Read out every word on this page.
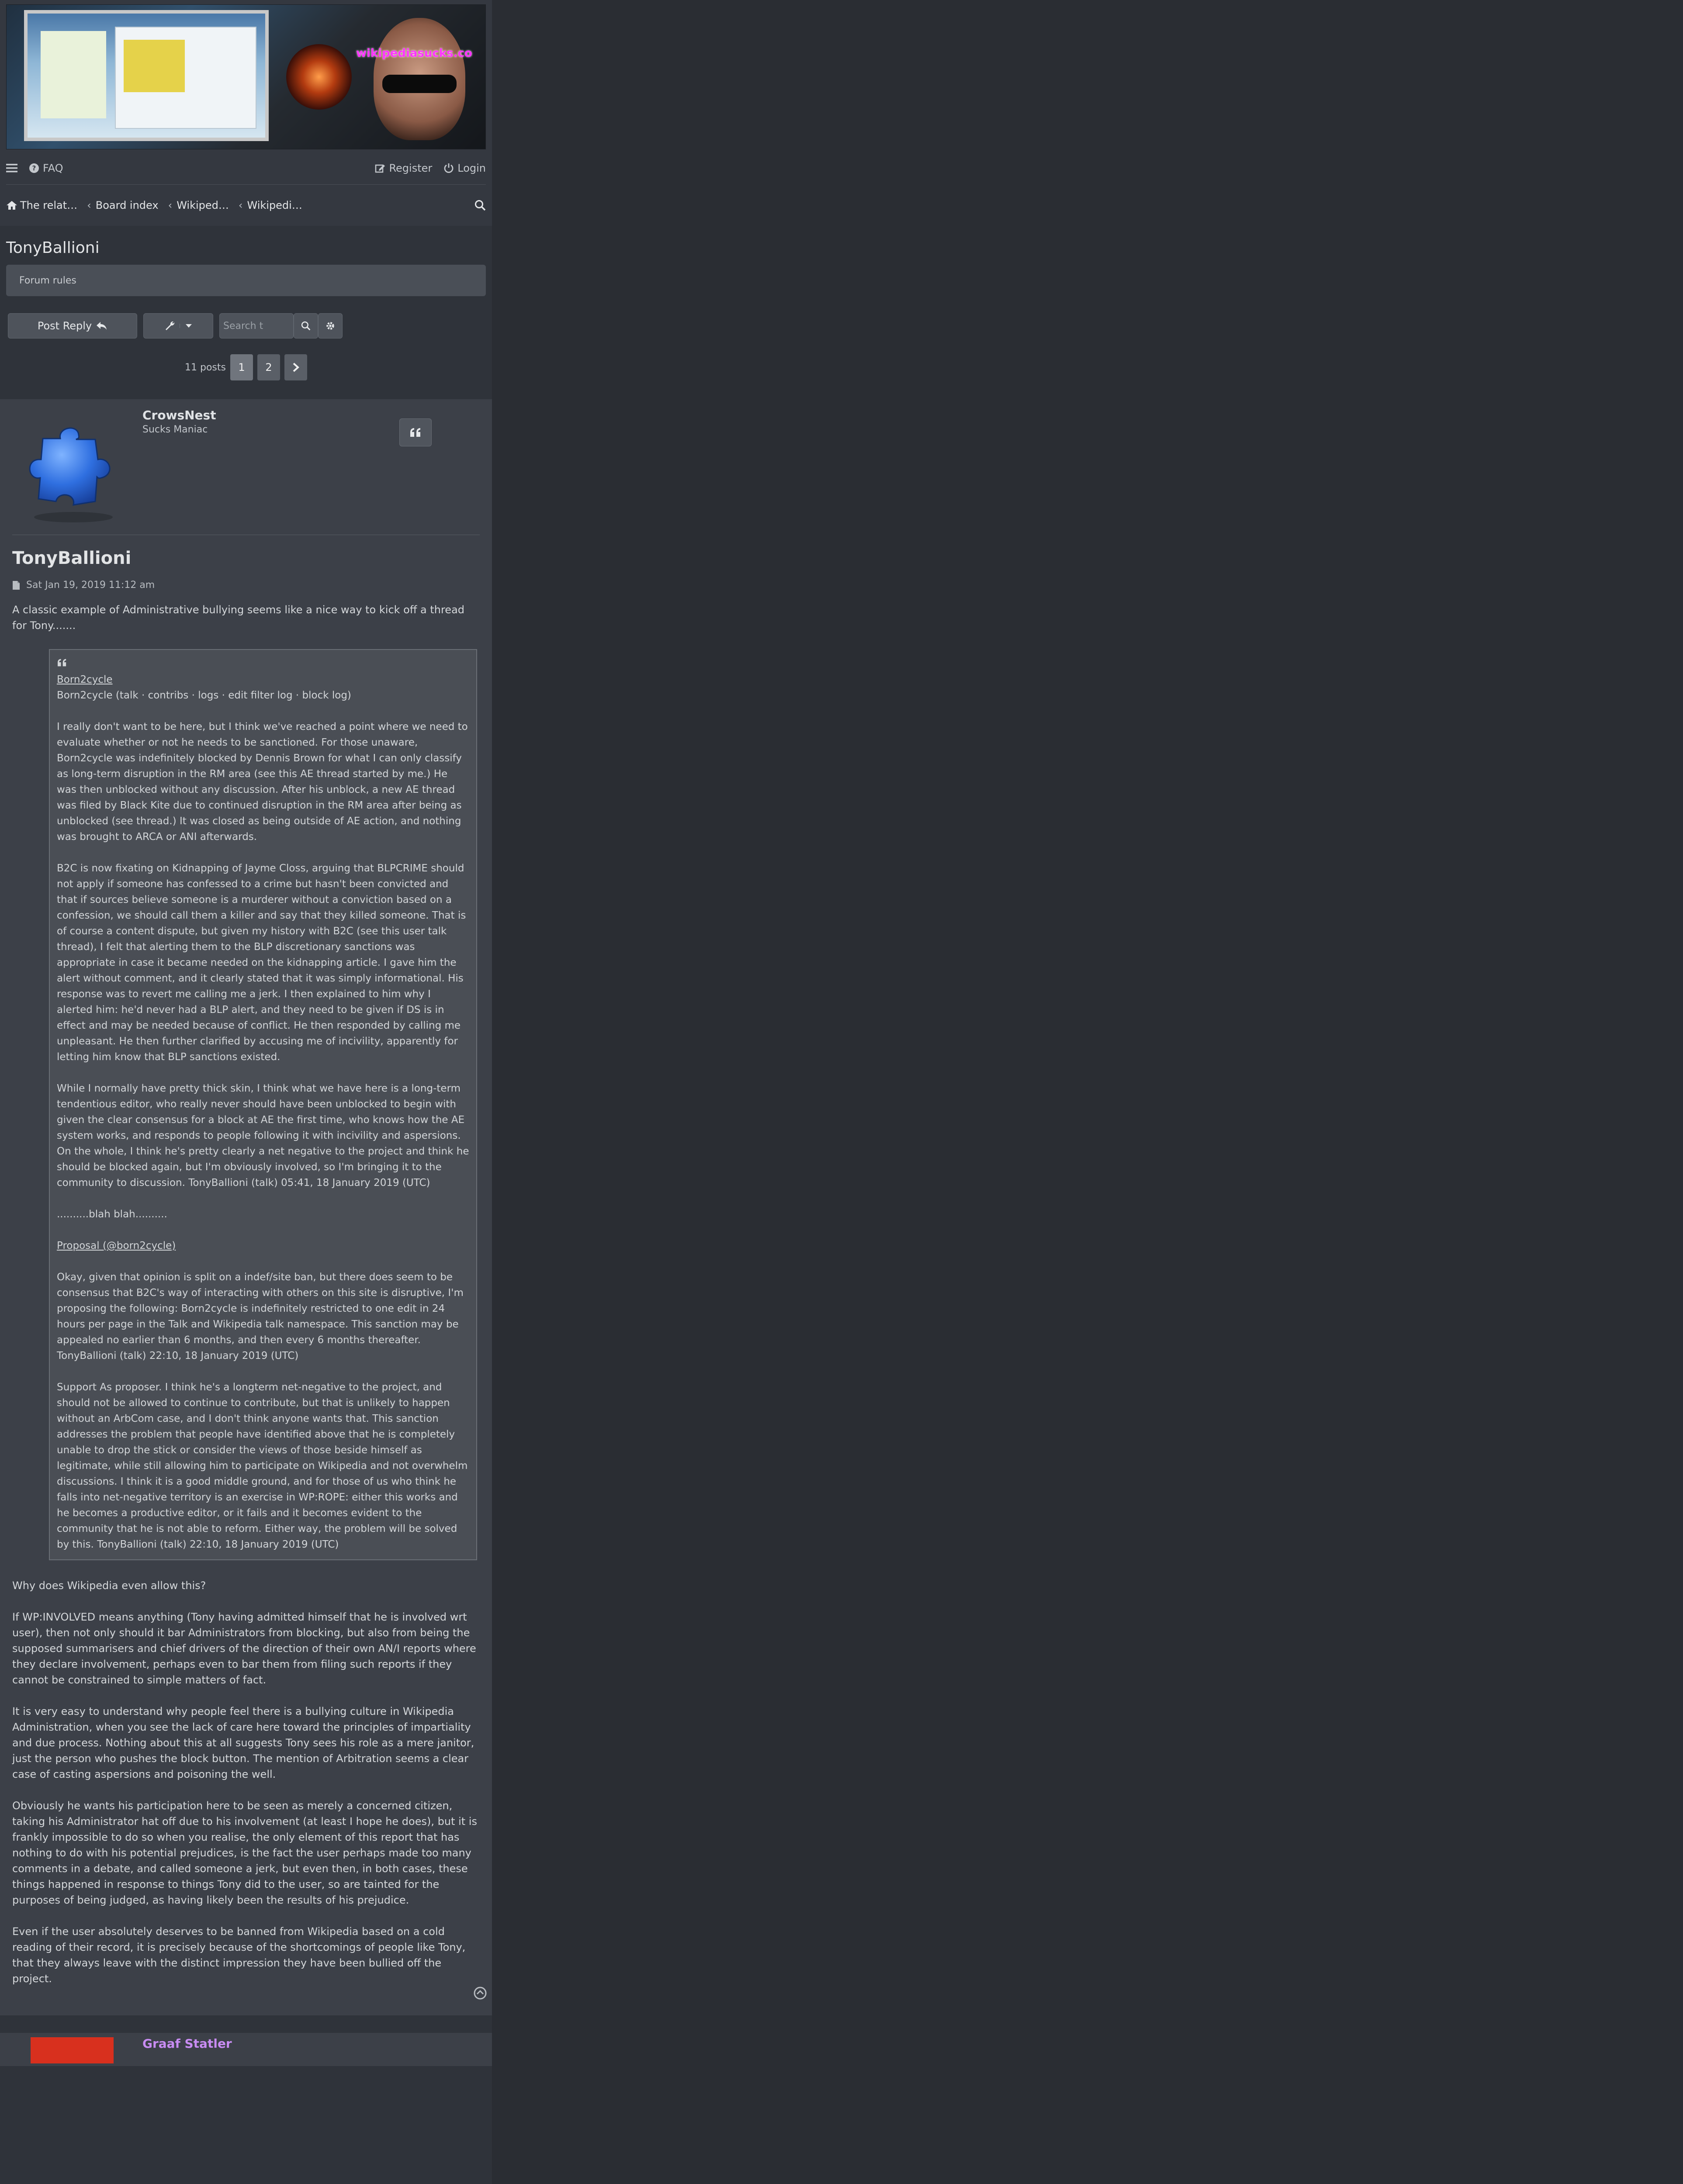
wikipediasucks.co
? FAQ	Register Login
The relat… ‹ Board index ‹ Wikiped… ‹ Wikipedi…
TonyBallioni
Forum rules
Post Reply	Search t
11 posts	1	2
CrowsNest
Sucks Maniac
TonyBallioni
Sat Jan 19, 2019 11:12 am
A classic example of Administrative bullying seems like a nice way to kick off a thread for Tony.......
Born2cycle

Born2cycle (talk · contribs · logs · edit filter log · block log)

I really don't want to be here, but I think we've reached a point where we need to evaluate whether or not he needs to be sanctioned. For those unaware, Born2cycle was indefinitely blocked by Dennis Brown for what I can only classify as long-term disruption in the RM area (see this AE thread started by me.) He was then unblocked without any discussion. After his unblock, a new AE thread was filed by Black Kite due to continued disruption in the RM area after being as unblocked (see thread.) It was closed as being outside of AE action, and nothing was brought to ARCA or ANI afterwards.

B2C is now fixating on Kidnapping of Jayme Closs, arguing that BLPCRIME should not apply if someone has confessed to a crime but hasn't been convicted and that if sources believe someone is a murderer without a conviction based on a confession, we should call them a killer and say that they killed someone. That is of course a content dispute, but given my history with B2C (see this user talk thread), I felt that alerting them to the BLP discretionary sanctions was appropriate in case it became needed on the kidnapping article. I gave him the alert without comment, and it clearly stated that it was simply informational. His response was to revert me calling me a jerk. I then explained to him why I alerted him: he'd never had a BLP alert, and they need to be given if DS is in effect and may be needed because of conflict. He then responded by calling me unpleasant. He then further clarified by accusing me of incivility, apparently for letting him know that BLP sanctions existed.

While I normally have pretty thick skin, I think what we have here is a long-term tendentious editor, who really never should have been unblocked to begin with given the clear consensus for a block at AE the first time, who knows how the AE system works, and responds to people following it with incivility and aspersions. On the whole, I think he's pretty clearly a net negative to the project and think he should be blocked again, but I'm obviously involved, so I'm bringing it to the community to discussion. TonyBallioni (talk) 05:41, 18 January 2019 (UTC)

..........blah blah..........

Proposal (@born2cycle)

Okay, given that opinion is split on a indef/site ban, but there does seem to be consensus that B2C's way of interacting with others on this site is disruptive, I'm proposing the following: Born2cycle is indefinitely restricted to one edit in 24 hours per page in the Talk and Wikipedia talk namespace. This sanction may be appealed no earlier than 6 months, and then every 6 months thereafter. TonyBallioni (talk) 22:10, 18 January 2019 (UTC)

Support As proposer. I think he's a longterm net-negative to the project, and should not be allowed to continue to contribute, but that is unlikely to happen without an ArbCom case, and I don't think anyone wants that. This sanction addresses the problem that people have identified above that he is completely unable to drop the stick or consider the views of those beside himself as legitimate, while still allowing him to participate on Wikipedia and not overwhelm discussions. I think it is a good middle ground, and for those of us who think he falls into net-negative territory is an exercise in WP:ROPE: either this works and he becomes a productive editor, or it fails and it becomes evident to the community that he is not able to reform. Either way, the problem will be solved by this. TonyBallioni (talk) 22:10, 18 January 2019 (UTC)

Why does Wikipedia even allow this?

If WP:INVOLVED means anything (Tony having admitted himself that he is involved wrt user), then not only should it bar Administrators from blocking, but also from being the supposed summarisers and chief drivers of the direction of their own AN/I reports where they declare involvement, perhaps even to bar them from filing such reports if they cannot be constrained to simple matters of fact.

It is very easy to understand why people feel there is a bullying culture in Wikipedia Administration, when you see the lack of care here toward the principles of impartiality and due process. Nothing about this at all suggests Tony sees his role as a mere janitor, just the person who pushes the block button. The mention of Arbitration seems a clear case of casting aspersions and poisoning the well.

Obviously he wants his participation here to be seen as merely a concerned citizen, taking his Administrator hat off due to his involvement (at least I hope he does), but it is frankly impossible to do so when you realise, the only element of this report that has nothing to do with his potential prejudices, is the fact the user perhaps made too many comments in a debate, and called someone a jerk, but even then, in both cases, these things happened in response to things Tony did to the user, so are tainted for the purposes of being judged, as having likely been the results of his prejudice.

Even if the user absolutely deserves to be banned from Wikipedia based on a cold reading of their record, it is precisely because of the shortcomings of people like Tony, that they always leave with the distinct impression they have been bullied off the project.

Graaf Statler
